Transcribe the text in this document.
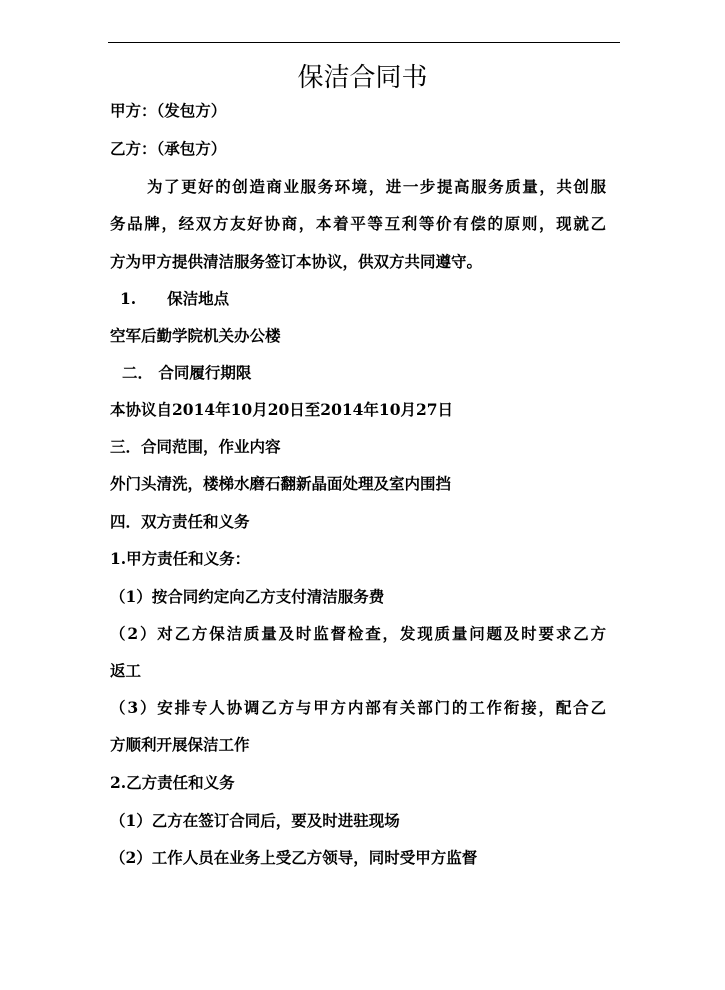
保洁合同书
甲方：（发包方）
乙方：（承包方）
为了更好的创造商业服务环境，进一步提高服务质量，共创服
务品牌，经双方友好协商，本着平等互利等价有偿的原则，现就乙
方为甲方提供清洁服务签订本协议，供双方共同遵守。
1.　　保洁地点
空军后勤学院机关办公楼
二． 合同履行期限
本协议自2014年10月20日至2014年10月27日
三．合同范围，作业内容
外门头清洗，楼梯水磨石翻新晶面处理及室内围挡
四．双方责任和义务
1.甲方责任和义务：
（1）按合同约定向乙方支付清洁服务费
（2）对乙方保洁质量及时监督检查，发现质量问题及时要求乙方
返工
（3）安排专人协调乙方与甲方内部有关部门的工作衔接，配合乙
方顺利开展保洁工作
2.乙方责任和义务
（1）乙方在签订合同后，要及时进驻现场
（2）工作人员在业务上受乙方领导，同时受甲方监督
